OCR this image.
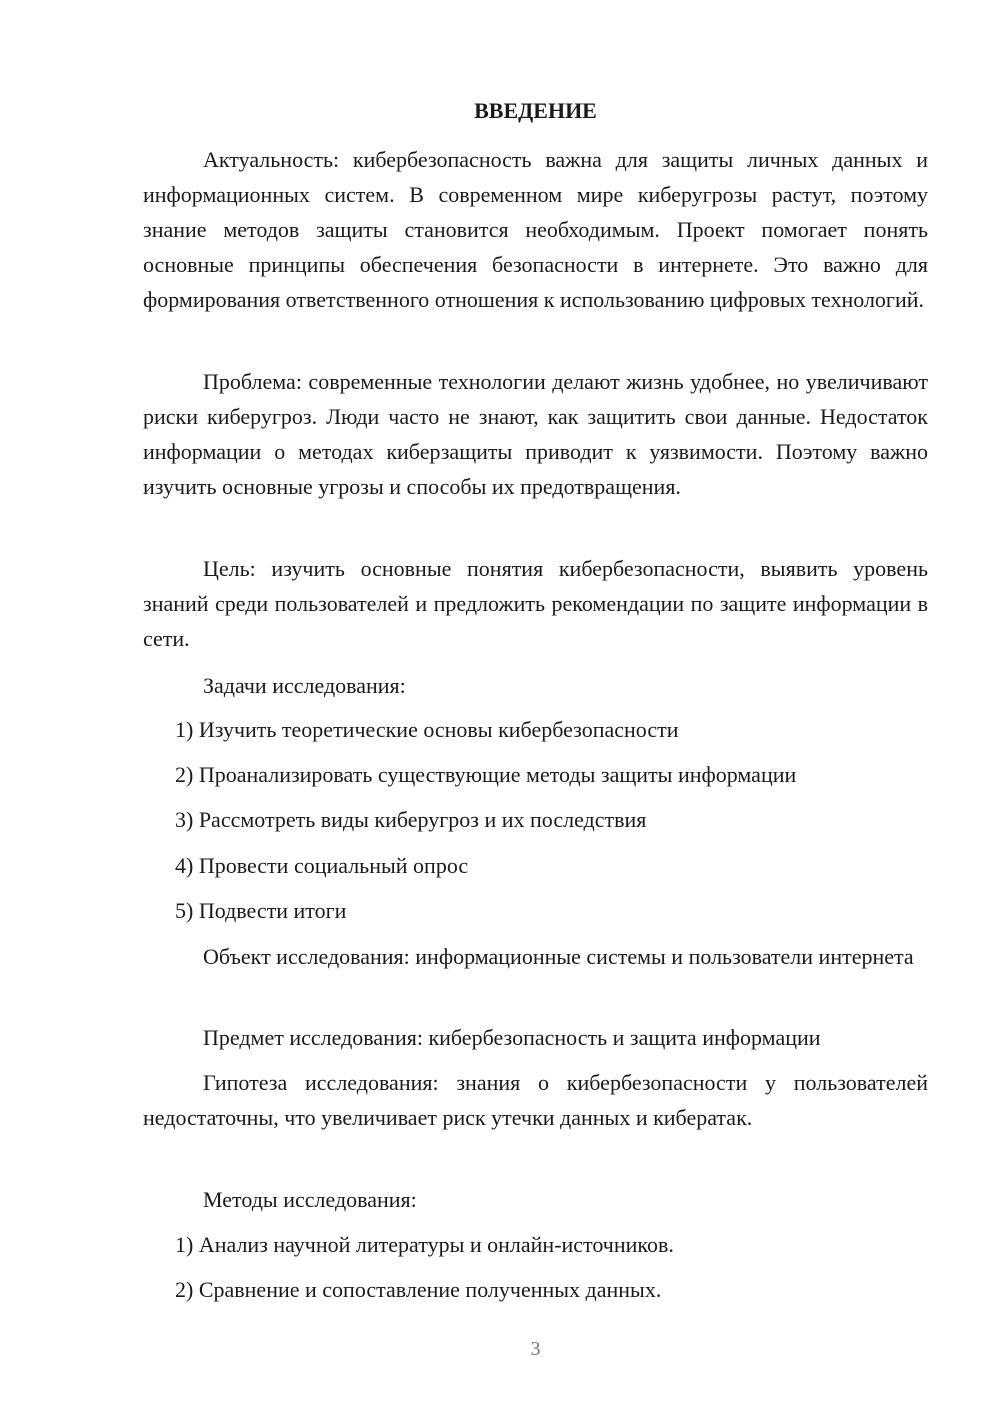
ВВЕДЕНИЕ

Актуальность: кибербезопасность важна для защиты личных данных и информационных систем. В современном мире киберугрозы растут, поэтому знание методов защиты становится необходимым. Проект помогает понять основные принципы обеспечения безопасности в интернете. Это важно для формирования ответственного отношения к использованию цифровых технологий.

Проблема: современные технологии делают жизнь удобнее, но увеличивают риски киберугроз. Люди часто не знают, как защитить свои данные. Недостаток информации о методах киберзащиты приводит к уязвимости. Поэтому важно изучить основные угрозы и способы их предотвращения.

Цель: изучить основные понятия кибербезопасности, выявить уровень знаний среди пользователей и предложить рекомендации по защите информации в сети.

Задачи исследования:

1) Изучить теоретические основы кибербезопасности

2) Проанализировать существующие методы защиты информации

3) Рассмотреть виды киберугроз и их последствия

4) Провести социальный опрос

5) Подвести итоги

Объект исследования: информационные системы и пользователи интернета

Предмет исследования: кибербезопасность и защита информации

Гипотеза исследования: знания о кибербезопасности у пользователей недостаточны, что увеличивает риск утечки данных и кибератак.

Методы исследования:

1) Анализ научной литературы и онлайн-источников.

2) Сравнение и сопоставление полученных данных.

3
